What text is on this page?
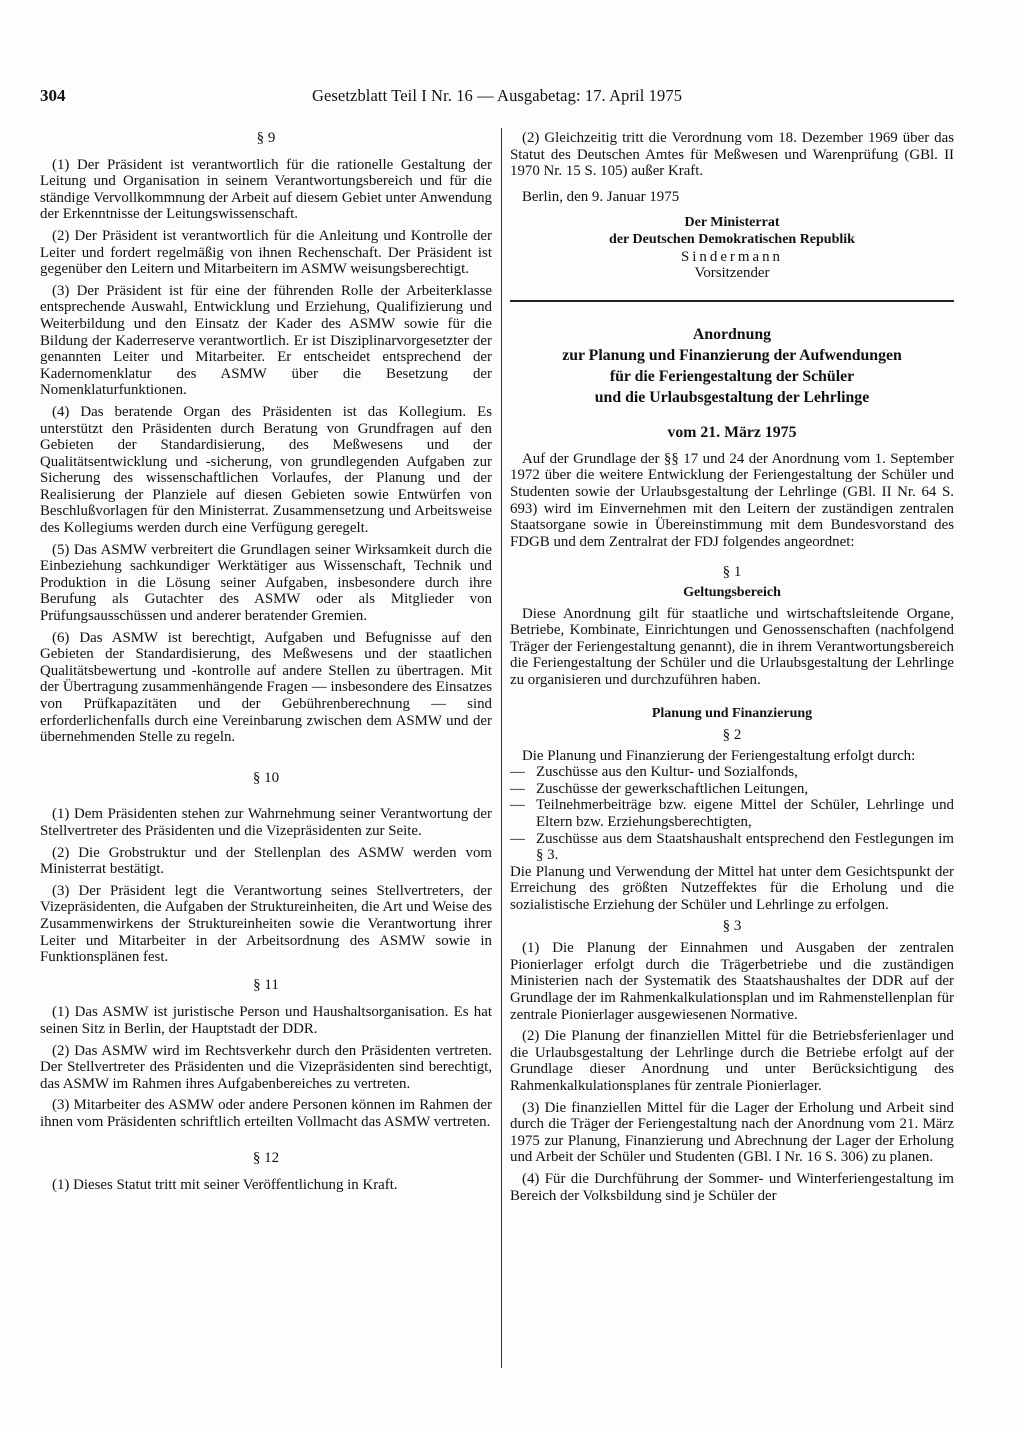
304	Gesetzblatt Teil I Nr. 16 — Ausgabetag: 17. April 1975
§ 9

(1) Der Präsident ist verantwortlich für die rationelle Gestaltung der Leitung und Organisation in seinem Verantwortungsbereich und für die ständige Vervollkommnung der Arbeit auf diesem Gebiet unter Anwendung der Erkenntnisse der Leitungswissenschaft.

(2) Der Präsident ist verantwortlich für die Anleitung und Kontrolle der Leiter und fordert regelmäßig von ihnen Rechenschaft. Der Präsident ist gegenüber den Leitern und Mitarbeitern im ASMW weisungsberechtigt.

(3) Der Präsident ist für eine der führenden Rolle der Arbeiterklasse entsprechende Auswahl, Entwicklung und Erziehung, Qualifizierung und Weiterbildung und den Einsatz der Kader des ASMW sowie für die Bildung der Kaderreserve verantwortlich. Er ist Disziplinarvorgesetzter der genannten Leiter und Mitarbeiter. Er entscheidet entsprechend der Kadernomenklatur des ASMW über die Besetzung der Nomenklaturfunktionen.

(4) Das beratende Organ des Präsidenten ist das Kollegium. Es unterstützt den Präsidenten durch Beratung von Grundfragen auf den Gebieten der Standardisierung, des Meßwesens und der Qualitätsentwicklung und -sicherung, von grundlegenden Aufgaben zur Sicherung des wissenschaftlichen Vorlaufes, der Planung und der Realisierung der Planziele auf diesen Gebieten sowie Entwürfen von Beschlußvorlagen für den Ministerrat. Zusammensetzung und Arbeitsweise des Kollegiums werden durch eine Verfügung geregelt.

(5) Das ASMW verbreitert die Grundlagen seiner Wirksamkeit durch die Einbeziehung sachkundiger Werktätiger aus Wissenschaft, Technik und Produktion in die Lösung seiner Aufgaben, insbesondere durch ihre Berufung als Gutachter des ASMW oder als Mitglieder von Prüfungsausschüssen und anderer beratender Gremien.

(6) Das ASMW ist berechtigt, Aufgaben und Befugnisse auf den Gebieten der Standardisierung, des Meßwesens und der staatlichen Qualitätsbewertung und -kontrolle auf andere Stellen zu übertragen. Mit der Übertragung zusammenhängende Fragen — insbesondere des Einsatzes von Prüfkapazitäten und der Gebührenberechnung — sind erforderlichenfalls durch eine Vereinbarung zwischen dem ASMW und der übernehmenden Stelle zu regeln.

§ 10

(1) Dem Präsidenten stehen zur Wahrnehmung seiner Verantwortung der Stellvertreter des Präsidenten und die Vizepräsidenten zur Seite.

(2) Die Grobstruktur und der Stellenplan des ASMW werden vom Ministerrat bestätigt.

(3) Der Präsident legt die Verantwortung seines Stellvertreters, der Vizepräsidenten, die Aufgaben der Struktureinheiten, die Art und Weise des Zusammenwirkens der Struktureinheiten sowie die Verantwortung ihrer Leiter und Mitarbeiter in der Arbeitsordnung des ASMW sowie in Funktionsplänen fest.

§ 11

(1) Das ASMW ist juristische Person und Haushaltsorganisation. Es hat seinen Sitz in Berlin, der Hauptstadt der DDR.

(2) Das ASMW wird im Rechtsverkehr durch den Präsidenten vertreten. Der Stellvertreter des Präsidenten und die Vizepräsidenten sind berechtigt, das ASMW im Rahmen ihres Aufgabenbereiches zu vertreten.

(3) Mitarbeiter des ASMW oder andere Personen können im Rahmen der ihnen vom Präsidenten schriftlich erteilten Vollmacht das ASMW vertreten.

§ 12

(1) Dieses Statut tritt mit seiner Veröffentlichung in Kraft.

(2) Gleichzeitig tritt die Verordnung vom 18. Dezember 1969 über das Statut des Deutschen Amtes für Meßwesen und Warenprüfung (GBl. II 1970 Nr. 15 S. 105) außer Kraft.

Berlin, den 9. Januar 1975

Der Ministerrat
der Deutschen Demokratischen Republik
Sindermann
Vorsitzender
Anordnung
zur Planung und Finanzierung der Aufwendungen
für die Feriengestaltung der Schüler
und die Urlaubsgestaltung der Lehrlinge
vom 21. März 1975

Auf der Grundlage der §§ 17 und 24 der Anordnung vom 1. September 1972 über die weitere Entwicklung der Feriengestaltung der Schüler und Studenten sowie der Urlaubsgestaltung der Lehrlinge (GBl. II Nr. 64 S. 693) wird im Einvernehmen mit den Leitern der zuständigen zentralen Staatsorgane sowie in Übereinstimmung mit dem Bundesvorstand des FDGB und dem Zentralrat der FDJ folgendes angeordnet:

§ 1
Geltungsbereich

Diese Anordnung gilt für staatliche und wirtschaftsleitende Organe, Betriebe, Kombinate, Einrichtungen und Genossenschaften (nachfolgend Träger der Feriengestaltung genannt), die in ihrem Verantwortungsbereich die Feriengestaltung der Schüler und die Urlaubsgestaltung der Lehrlinge zu organisieren und durchzuführen haben.

Planung und Finanzierung
§ 2

Die Planung und Finanzierung der Feriengestaltung erfolgt durch:

— Zuschüsse aus den Kultur- und Sozialfonds,
— Zuschüsse der gewerkschaftlichen Leitungen,
— Teilnehmerbeiträge bzw. eigene Mittel der Schüler, Lehrlinge und Eltern bzw. Erziehungsberechtigten,
— Zuschüsse aus dem Staatshaushalt entsprechend den Festlegungen im § 3.

Die Planung und Verwendung der Mittel hat unter dem Gesichtspunkt der Erreichung des größten Nutzeffektes für die Erholung und die sozialistische Erziehung der Schüler und Lehrlinge zu erfolgen.

§ 3

(1) Die Planung der Einnahmen und Ausgaben der zentralen Pionierlager erfolgt durch die Trägerbetriebe und die zuständigen Ministerien nach der Systematik des Staatshaushaltes der DDR auf der Grundlage der im Rahmenkalkulationsplan und im Rahmenstellenplan für zentrale Pionierlager ausgewiesenen Normative.

(2) Die Planung der finanziellen Mittel für die Betriebsferienlager und die Urlaubsgestaltung der Lehrlinge durch die Betriebe erfolgt auf der Grundlage dieser Anordnung und unter Berücksichtigung des Rahmenkalkulationsplanes für zentrale Pionierlager.

(3) Die finanziellen Mittel für die Lager der Erholung und Arbeit sind durch die Träger der Feriengestaltung nach der Anordnung vom 21. März 1975 zur Planung, Finanzierung und Abrechnung der Lager der Erholung und Arbeit der Schüler und Studenten (GBl. I Nr. 16 S. 306) zu planen.

(4) Für die Durchführung der Sommer- und Winterferiengestaltung im Bereich der Volksbildung sind je Schüler der
